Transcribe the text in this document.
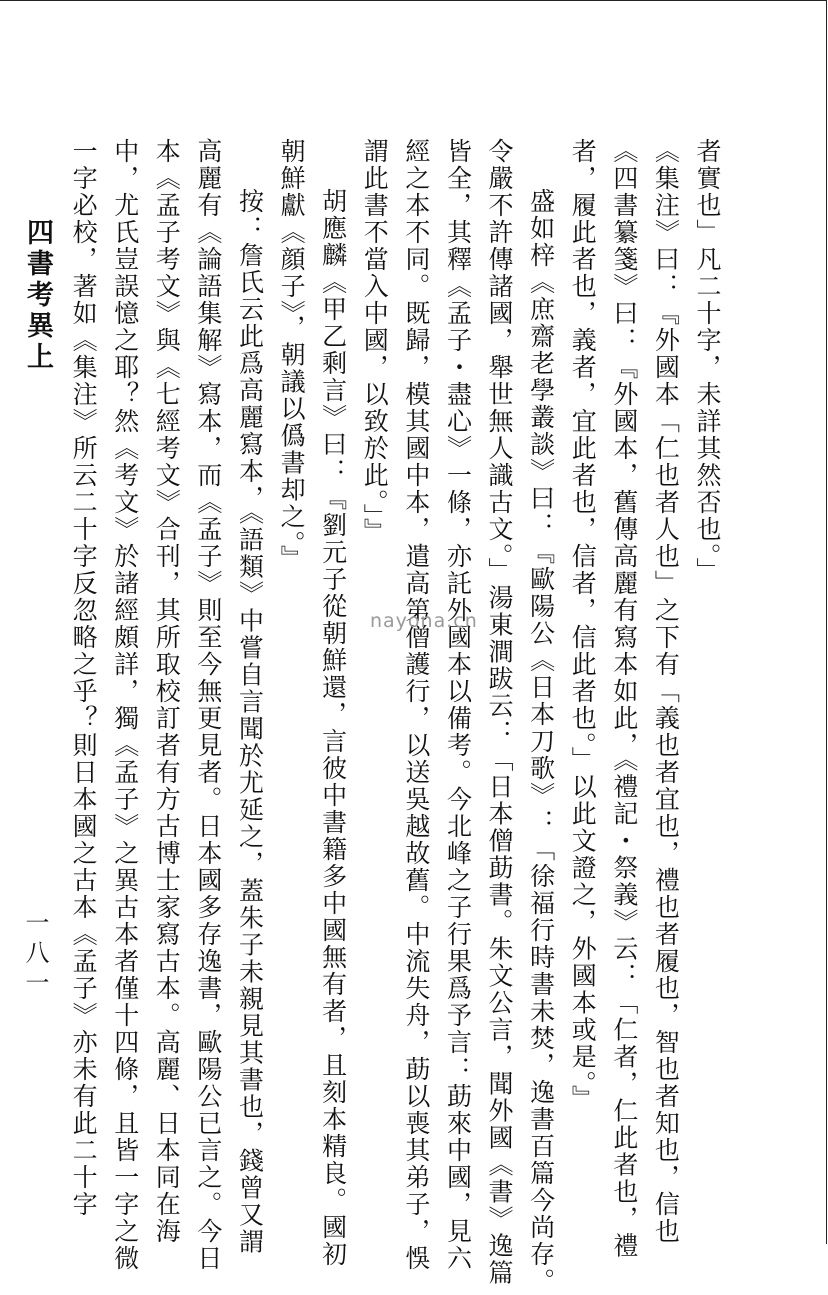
者實也」凡二十字，未詳其然否也。」
《集注》曰：『外國本「仁也者人也」之下有「義也者宜也，禮也者履也，智也者知也，信也
《四書纂箋》曰：『外國本，舊傳高麗有寫本如此，《禮記・祭義》云：「仁者，仁此者也，禮
者，履此者也，義者，宜此者也，信者，信此者也。」以此文證之，外國本或是。』
盛如梓《庶齋老學叢談》曰：『歐陽公《日本刀歌》：「徐福行時書未焚，逸書百篇今尚存。
令嚴不許傳諸國，舉世無人識古文。」湯東澗跋云：「日本僧莇書。朱文公言，聞外國《書》逸篇
皆全，其釋《孟子・盡心》一條，亦託外國本以備考。今北峰之子行果爲予言：莇來中國，見六
經之本不同。既歸，模其國中本，遣高第僧護行，以送吳越故舊。中流失舟，莇以喪其弟子，悞
謂此書不當入中國，以致於此。」』
胡應麟《甲乙剩言》曰：『劉元子從朝鮮還，言彼中書籍多中國無有者，且刻本精良。國初
朝鮮獻《顔子》，朝議以僞書却之。』
按：詹氏云此爲高麗寫本，《語類》中嘗自言聞於尤延之，蓋朱子未親見其書也，錢曾又謂
高麗有《論語集解》寫本，而《孟子》則至今無更見者。日本國多存逸書，歐陽公已言之。今日
本《孟子考文》與《七經考文》合刊，其所取校訂者有方古博士家寫古本。高麗、日本同在海
中，尤氏豈誤憶之耶？然《考文》於諸經頗詳，獨《孟子》之異古本者僅十四條，且皆一字之微
一字必校，著如《集注》所云二十字反忽略之乎？則日本國之古本《孟子》亦未有此二十字
四書考異上
一八一
nayona.cn
